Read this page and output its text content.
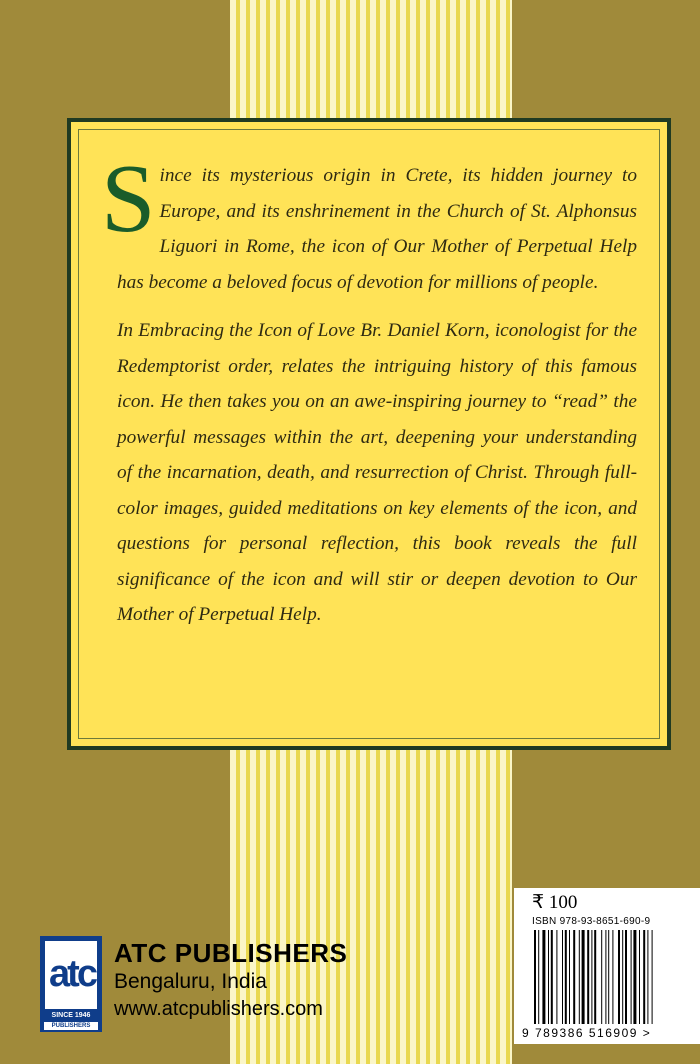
Since its mysterious origin in Crete, its hidden journey to Europe, and its enshrinement in the Church of St. Alphonsus Liguori in Rome, the icon of Our Mother of Perpetual Help has become a beloved focus of devotion for millions of people.

In Embracing the Icon of Love Br. Daniel Korn, iconologist for the Redemptorist order, relates the intriguing history of this famous icon. He then takes you on an awe-inspiring journey to “read” the powerful messages within the art, deepening your understanding of the incarnation, death, and resurrection of Christ. Through full-color images, guided meditations on key elements of the icon, and questions for personal reflection, this book reveals the full significance of the icon and will stir or deepen devotion to Our Mother of Perpetual Help.

atc
SINCE 1946
PUBLISHERS
ATC PUBLISHERS
Bengaluru, India
www.atcpublishers.com
₹ 100
ISBN 978-93-8651-690-9
9 789386 516909 >
